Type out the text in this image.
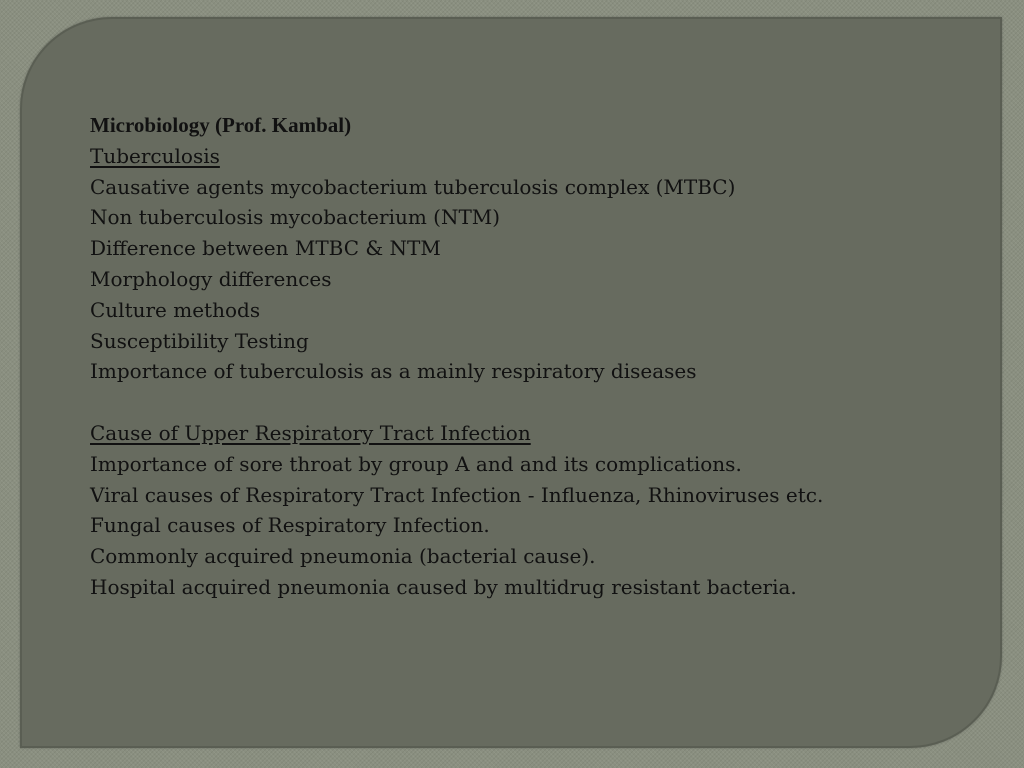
Microbiology (Prof. Kambal)

Tuberculosis

Causative agents mycobacterium tuberculosis complex (MTBC)

Non tuberculosis mycobacterium (NTM)

Difference between MTBC & NTM

Morphology differences

Culture methods

Susceptibility Testing

Importance of tuberculosis as a mainly respiratory diseases

Cause of Upper Respiratory Tract Infection

Importance of sore throat by group A and and its complications.

Viral causes of Respiratory Tract Infection - Influenza, Rhinoviruses etc.

Fungal causes of Respiratory Infection.

Commonly acquired pneumonia (bacterial cause).

Hospital acquired pneumonia caused by multidrug resistant bacteria.
